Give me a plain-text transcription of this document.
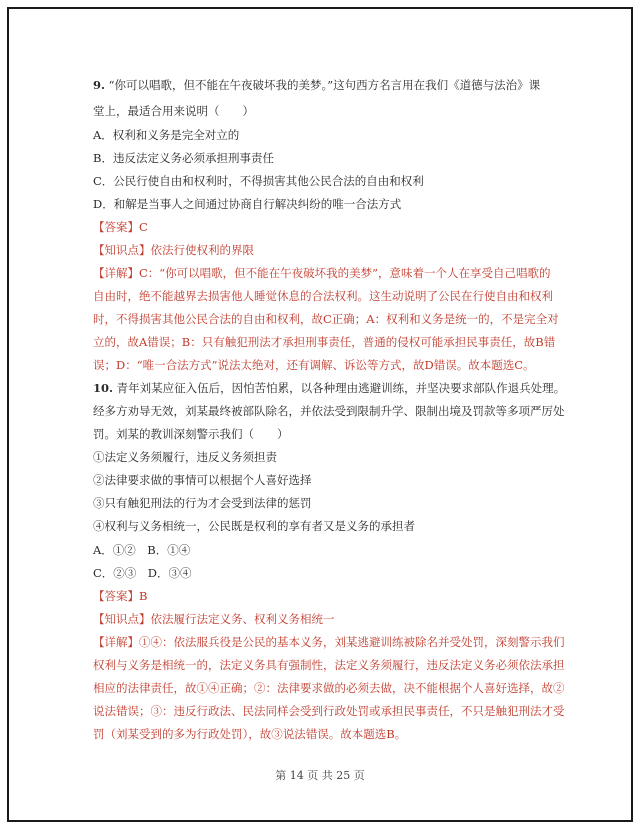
9. “你可以唱歌，但不能在午夜破坏我的美梦。”这句西方名言用在我们《道德与法治》课
堂上，最适合用来说明（　　）
A．权利和义务是完全对立的
B．违反法定义务必须承担刑事责任
C．公民行使自由和权利时，不得损害其他公民合法的自由和权利
D．和解是当事人之间通过协商自行解决纠纷的唯一合法方式
【答案】C
【知识点】依法行使权利的界限
【详解】C：“你可以唱歌，但不能在午夜破坏我的美梦”，意味着一个人在享受自己唱歌的
自由时，绝不能越界去损害他人睡觉休息的合法权利。这生动说明了公民在行使自由和权利
时，不得损害其他公民合法的自由和权利，故C正确；A：权利和义务是统一的，不是完全对
立的，故A错误；B：只有触犯刑法才承担刑事责任，普通的侵权可能承担民事责任，故B错
误；D：“唯一合法方式”说法太绝对，还有调解、诉讼等方式，故D错误。故本题选C。
10. 青年刘某应征入伍后，因怕苦怕累，以各种理由逃避训练，并坚决要求部队作退兵处理。
经多方劝导无效，刘某最终被部队除名，并依法受到限制升学、限制出境及罚款等多项严厉处
罚。刘某的教训深刻警示我们（　　）
①法定义务须履行，违反义务须担责
②法律要求做的事情可以根据个人喜好选择
③只有触犯刑法的行为才会受到法律的惩罚
④权利与义务相统一，公民既是权利的享有者又是义务的承担者
A．①②　B．①④
C．②③　D．③④
【答案】B
【知识点】依法履行法定义务、权利义务相统一
【详解】①④：依法服兵役是公民的基本义务，刘某逃避训练被除名并受处罚，深刻警示我们
权利与义务是相统一的，法定义务具有强制性，法定义务须履行，违反法定义务必须依法承担
相应的法律责任，故①④正确；②：法律要求做的必须去做，决不能根据个人喜好选择，故②
说法错误；③：违反行政法、民法同样会受到行政处罚或承担民事责任，不只是触犯刑法才受
罚（刘某受到的多为行政处罚），故③说法错误。故本题选B。
第 14 页 共 25 页
